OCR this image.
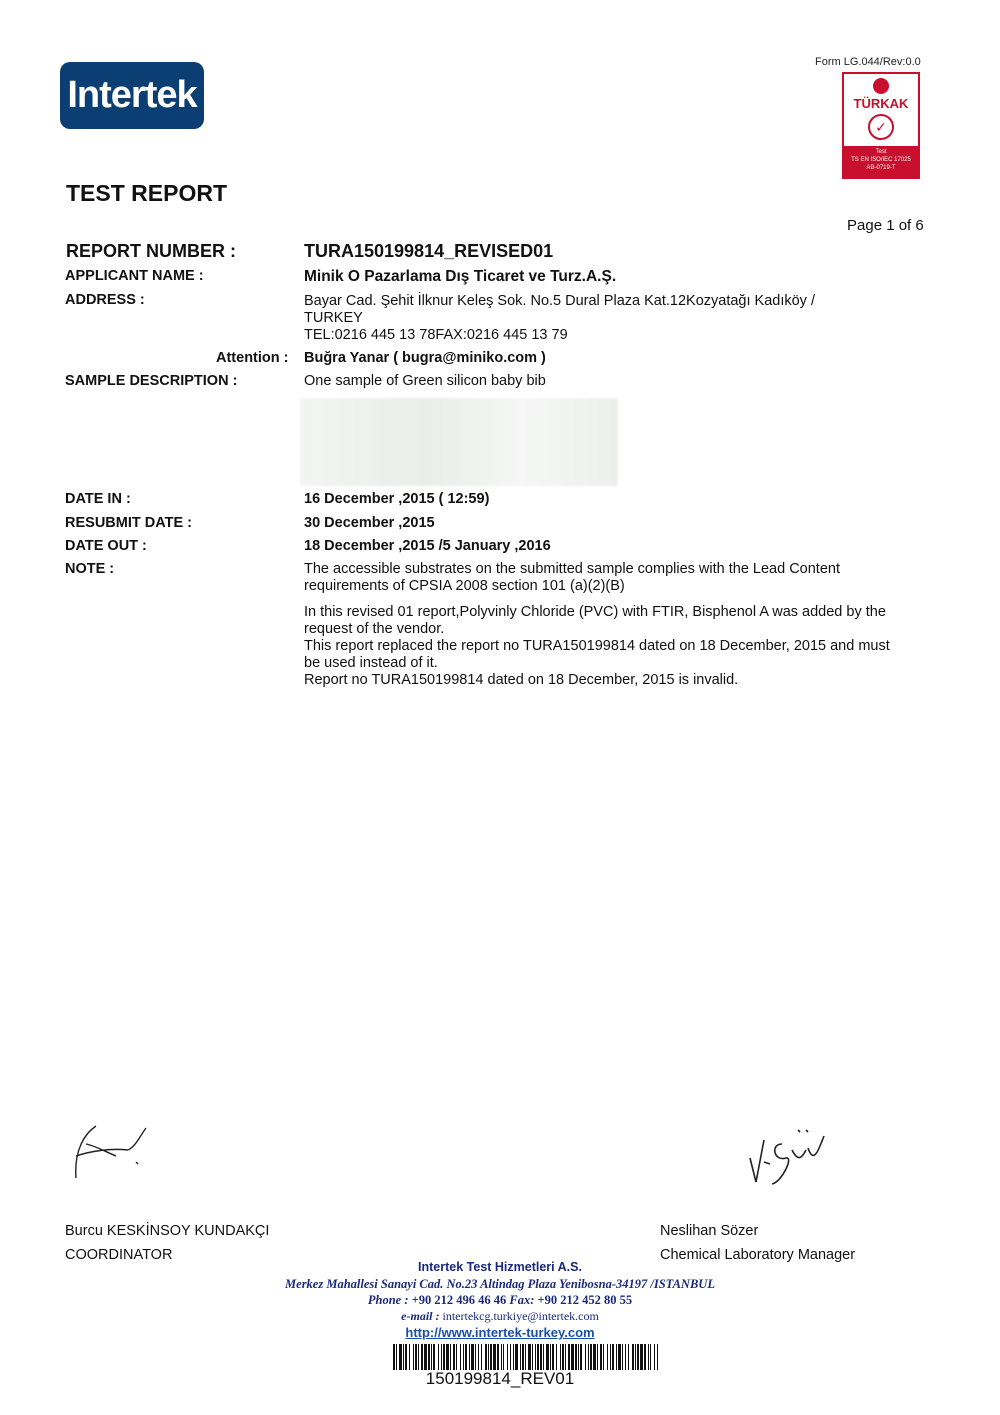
Form LG.044/Rev:0.0
Intertek	TÜRKAK
✓
Test
TS EN ISO/IEC 17025
AB-0719-T
TEST REPORT
Page 1 of 6
REPORT NUMBER :	TURA150199814_REVISED01
APPLICANT NAME :	Minik O Pazarlama Dış Ticaret ve Turz.A.Ş.
ADDRESS :	Bayar Cad. Şehit İlknur Keleş Sok. No.5 Dural Plaza Kat.12Kozyatağı Kadıköy /
TURKEY
TEL:0216 445 13 78FAX:0216 445 13 79
Attention : Buğra Yanar ( bugra@miniko.com )
SAMPLE DESCRIPTION :	One sample of Green silicon baby bib
DATE IN :	16 December ,2015 ( 12:59)
RESUBMIT DATE :	30 December ,2015
DATE OUT :	18 December ,2015 /5 January ,2016
NOTE :	The accessible substrates on the submitted sample complies with the Lead Content requirements of CPSIA 2008 section 101 (a)(2)(B)

In this revised 01 report,Polyvinly Chloride (PVC) with FTIR, Bisphenol A was added by the request of the vendor.

This report replaced the report no TURA150199814 dated on 18 December, 2015 and must be used instead of it.

Report no TURA150199814 dated on 18 December, 2015 is invalid.

Burcu KESKİNSOY KUNDAKÇI
COORDINATOR
Neslihan Sözer
Chemical Laboratory Manager
Intertek Test Hizmetleri A.S.
Merkez Mahallesi Sanayi Cad. No.23 Altindag Plaza Yenibosna-34197 /ISTANBUL
Phone : +90 212 496 46 46 Fax: +90 212 452 80 55
e-mail : intertekcg.turkiye@intertek.com
http://www.intertek-turkey.com
150199814_REV01
